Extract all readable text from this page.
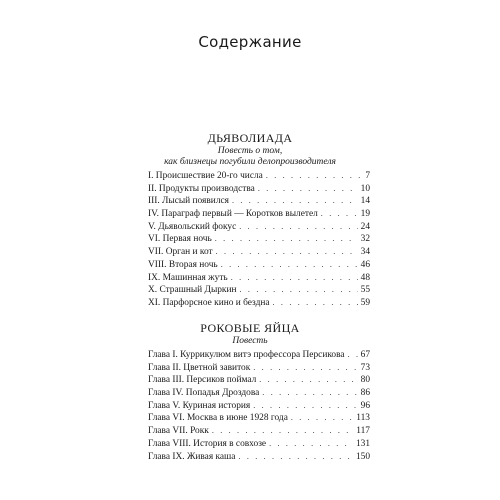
Содержание
ДЬЯВОЛИАДА
Повесть о том,
как близнецы погубили делопроизводителя
I. Происшествие 20-го числа . . .	7
II. Продукты производства . . .	10
III. Лысый появился . . .	14
IV. Параграф первый — Коротков вылетел . . .	19
V. Дьявольский фокус . . .	24
VI. Первая ночь . . .	32
VII. Орган и кот . . .	34
VIII. Вторая ночь . . .	46
IX. Машинная жуть . . .	48
X. Страшный Дыркин . . .	55
XI. Парфорсное кино и бездна . . .	59
РОКОВЫЕ ЯЙЦА
Повесть
Глава I. Куррикулюм витэ профессора Персикова . . . 67
Глава II. Цветной завиток . . .	73
Глава III. Персиков поймал . . .	80
Глава IV. Попадья Дроздова . . .	86
Глава V. Куриная история . . .	96
Глава VI. Москва в июне 1928 года . . .	113
Глава VII. Рокк . . .	117
Глава VIII. История в совхозе . . .	131
Глава IX. Живая каша . . .	150
